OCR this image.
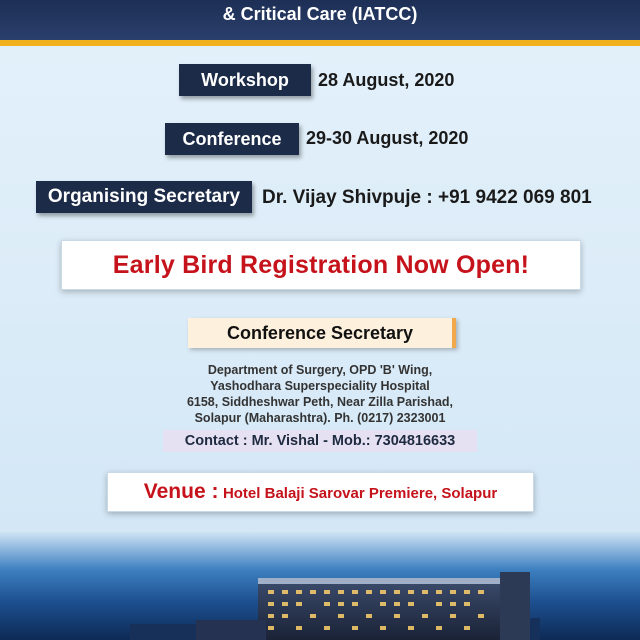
& Critical Care (IATCC)
Workshop	28 August, 2020
Conference	29-30 August, 2020
Organising Secretary	Dr. Vijay Shivpuje : +91 9422 069 801
Early Bird Registration Now Open!
Conference Secretary
Department of Surgery, OPD 'B' Wing,
Yashodhara Superspeciality Hospital
6158, Siddheshwar Peth, Near Zilla Parishad,
Solapur (Maharashtra). Ph. (0217) 2323001
Contact : Mr. Vishal - Mob.: 7304816633
Venue : Hotel Balaji Sarovar Premiere, Solapur
